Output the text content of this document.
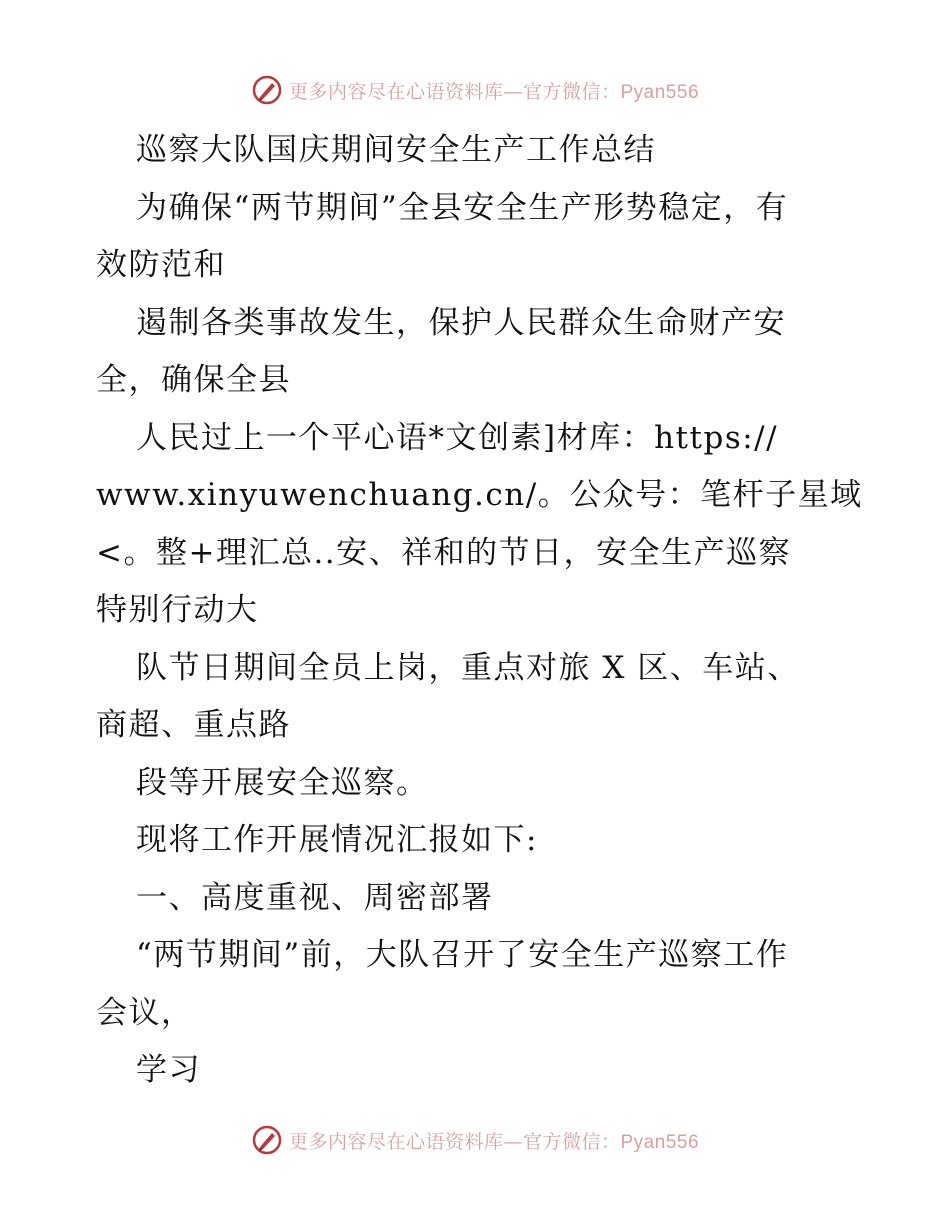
更多内容尽在心语资料库—官方微信：Pyan556
巡察大队国庆期间安全生产工作总结
为确保“两节期间”全县安全生产形势稳定，有
效防范和
遏制各类事故发生，保护人民群众生命财产安
全，确保全县
人民过上一个平心语*文创素]材库：https://
www.xinyuwenchuang.cn/。公众号：笔杆子星域
<。整+理汇总..安、祥和的节日，安全生产巡察
特别行动大
队节日期间全员上岗，重点对旅 X 区、车站、
商超、重点路
段等开展安全巡察。
现将工作开展情况汇报如下:
一、高度重视、周密部署
“两节期间”前，大队召开了安全生产巡察工作
会议，
学习
更多内容尽在心语资料库—官方微信：Pyan556
